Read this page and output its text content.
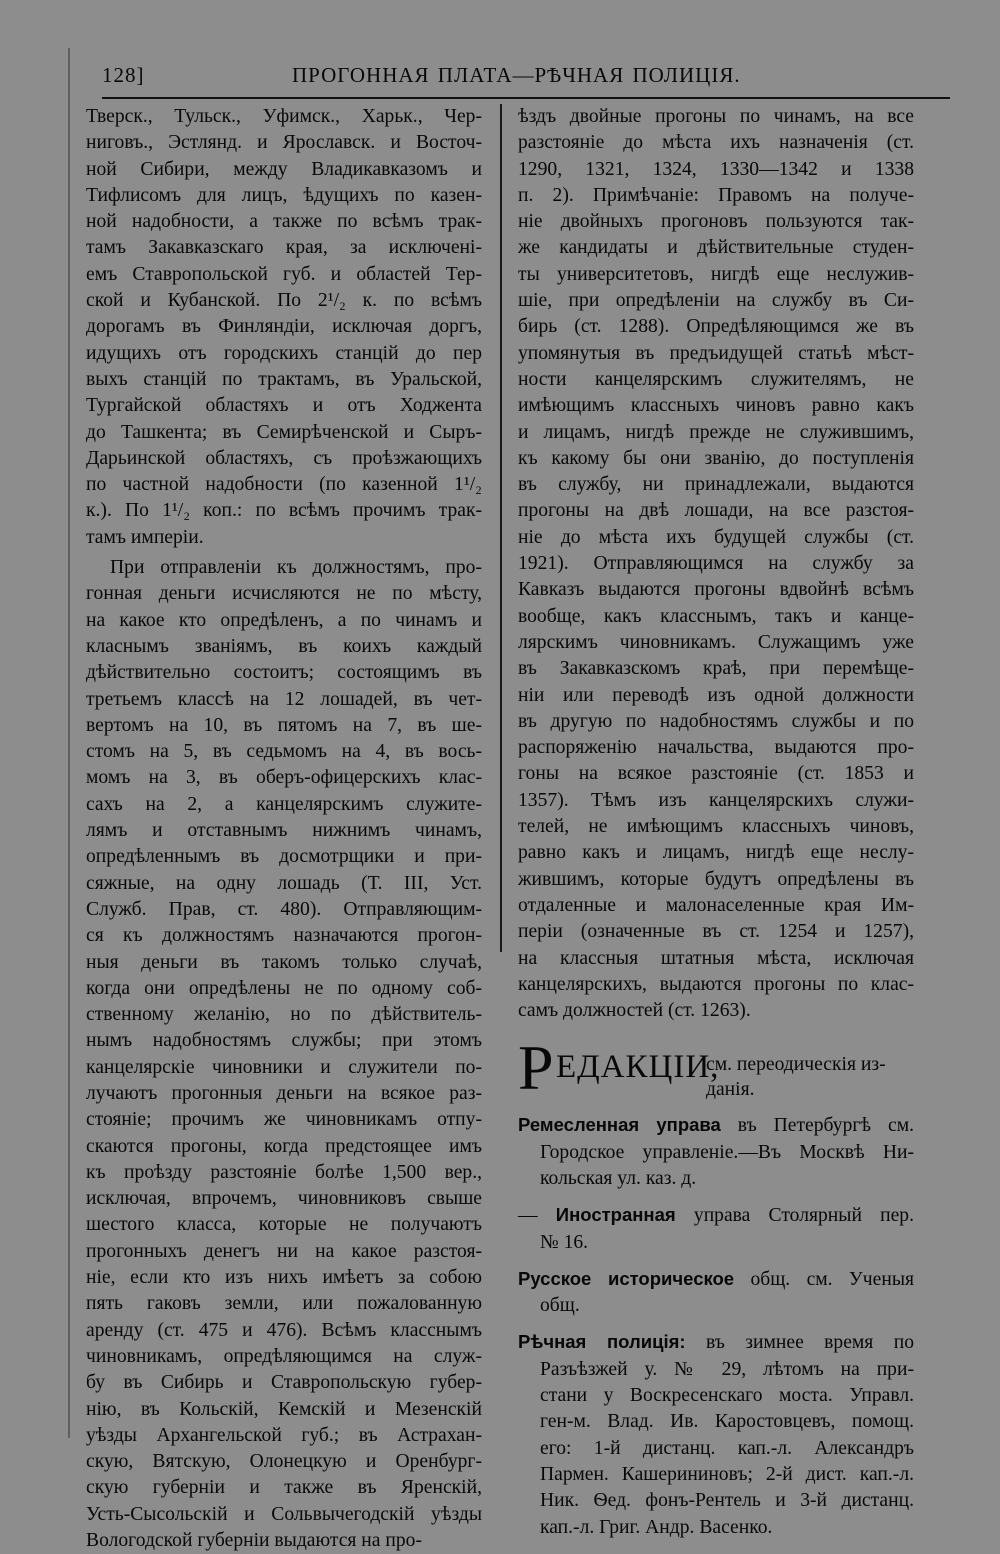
128]	ПРОГОННАЯ ПЛАТА—РѢЧНАЯ ПОЛИЦІЯ.

Тверск., Тульск., Уфимск., Харьк., Чер-

ниговъ., Эстлянд. и Ярославск. и Восточ-

ной Сибири, между Владикавказомъ и

Тифлисомъ для лицъ, ѣдущихъ по казен-

ной надобности, а также по всѣмъ трак-

тамъ Закавказскаго края, за исключені-

емъ Ставропольской губ. и областей Тер-

ской и Кубанской. По 2¹/₂ к. по всѣмъ

дорогамъ въ Финляндіи, исключая доргъ,

идущихъ отъ городскихъ станцій до пер

выхъ станцій по трактамъ, въ Уральской,

Тургайской областяхъ и отъ Ходжента

до Ташкента; въ Семирѣченской и Сыръ-

Дарьинской областяхъ, съ проѣзжающихъ

по частной надобности (по казенной 1¹/₂

к.). По 1¹/₂ коп.: по всѣмъ прочимъ трак-

тамъ имперіи.

При отправленіи къ должностямъ, про-

гонная деньги исчисляются не по мѣсту,

на какое кто опредѣленъ, а по чинамъ и

класнымъ званіямъ, въ коихъ каждый

дѣйствительно состоитъ; состоящимъ въ

третьемъ классѣ на 12 лошадей, въ чет-

вертомъ на 10, въ пятомъ на 7, въ ше-

стомъ на 5, въ седьмомъ на 4, въ вось-

момъ на 3, въ оберъ-офицерскихъ клас-

сахъ на 2, а канцелярскимъ служите-

лямъ и отставнымъ нижнимъ чинамъ,

опредѣленнымъ въ досмотрщики и при-

сяжные, на одну лошадь (Т. III, Уст.

Служб. Прав, ст. 480). Отправляющим-

ся къ должностямъ назначаются прогон-

ныя деньги въ такомъ только случаѣ,

когда они опредѣлены не по одному соб-

ственному желанію, но по дѣйствитель-

нымъ надобностямъ службы; при этомъ

канцелярскіе чиновники и служители по-

лучаютъ прогонныя деньги на всякое раз-

стояніе; прочимъ же чиновникамъ отпу-

скаются прогоны, когда предстоящее имъ

къ проѣзду разстояніе болѣе 1,500 вер.,

исключая, впрочемъ, чиновниковъ свыше

шестого класса, которые не получаютъ

прогонныхъ денегъ ни на какое разстоя-

ніе, если кто изъ нихъ имѣетъ за собою

пять гаковъ земли, или пожалованную

аренду (ст. 475 и 476). Всѣмъ класснымъ

чиновникамъ, опредѣляющимся на служ-

бу въ Сибирь и Ставропольскую губер-

нію, въ Кольскій, Кемскій и Мезенскій

уѣзды Архангельской губ.; въ Астрахан-

скую, Вятскую, Олонецкую и Оренбург-

скую губерніи и также въ Яренскій,

Усть-Сысольскій и Сольвычегодскій уѣзды

Вологодской губерніи выдаются на про-

ѣздъ двойные прогоны по чинамъ, на все

разстояніе до мѣста ихъ назначенія (ст.

1290, 1321, 1324, 1330—1342 и 1338

п. 2). Примѣчаніе: Правомъ на получе-

ніе двойныхъ прогоновъ пользуются так-

же кандидаты и дѣйствительные студен-

ты университетовъ, нигдѣ еще неслужив-

шіе, при опредѣленіи на службу въ Си-

бирь (ст. 1288). Опредѣляющимся же въ

упомянутыя въ предъидущей статьѣ мѣст-

ности канцелярскимъ служителямъ, не

имѣющимъ классныхъ чиновъ равно какъ

и лицамъ, нигдѣ прежде не служившимъ,

къ какому бы они званію, до поступленія

въ службу, ни принадлежали, выдаются

прогоны на двѣ лошади, на все разстоя-

ніе до мѣста ихъ будущей службы (ст.

1921). Отправляющимся на службу за

Кавказъ выдаются прогоны вдвойнѣ всѣмъ

вообще, какъ класснымъ, такъ и канце-

лярскимъ чиновникамъ. Служащимъ уже

въ Закавказскомъ краѣ, при перемѣще-

ніи или переводѣ изъ одной должности

въ другую по надобностямъ службы и по

распоряженію начальства, выдаются про-

гоны на всякое разстояніе (ст. 1853 и

1357). Тѣмъ изъ канцелярскихъ служи-

телей, не имѣющимъ классныхъ чиновъ,

равно какъ и лицамъ, нигдѣ еще неслу-

жившимъ, которые будутъ опредѣлены въ

отдаленные и малонаселенные края Им-

періи (означенные въ ст. 1254 и 1257),

на классныя штатныя мѣста, исключая

канцелярскихъ, выдаются прогоны по клас-

самъ должностей (ст. 1263).

Р ЕДАКЦІИ,
см. переодическія из-данія.

Ремесленная управа въ Петербургѣ см.

Городское управленіе.—Въ Москвѣ Ни-

кольская ул. каз. д.

— Иностранная управа Столярный пер.

№ 16.

Русское историческое общ. см. Ученыя

общ.

Рѣчная полиція: въ зимнее время по

Разъѣзжей у. № 29, лѣтомъ на при-

стани у Воскресенскаго моста. Управл.

ген-м. Влад. Ив. Каростовцевъ, помощ.

его: 1-й дистанц. кап.-л. Александръ

Пармен. Кашерининовъ; 2-й дист. кап.-л.

Ник. Ѳед. фонъ-Рентель и 3-й дистанц.

кап.-л. Григ. Андр. Васенко.
